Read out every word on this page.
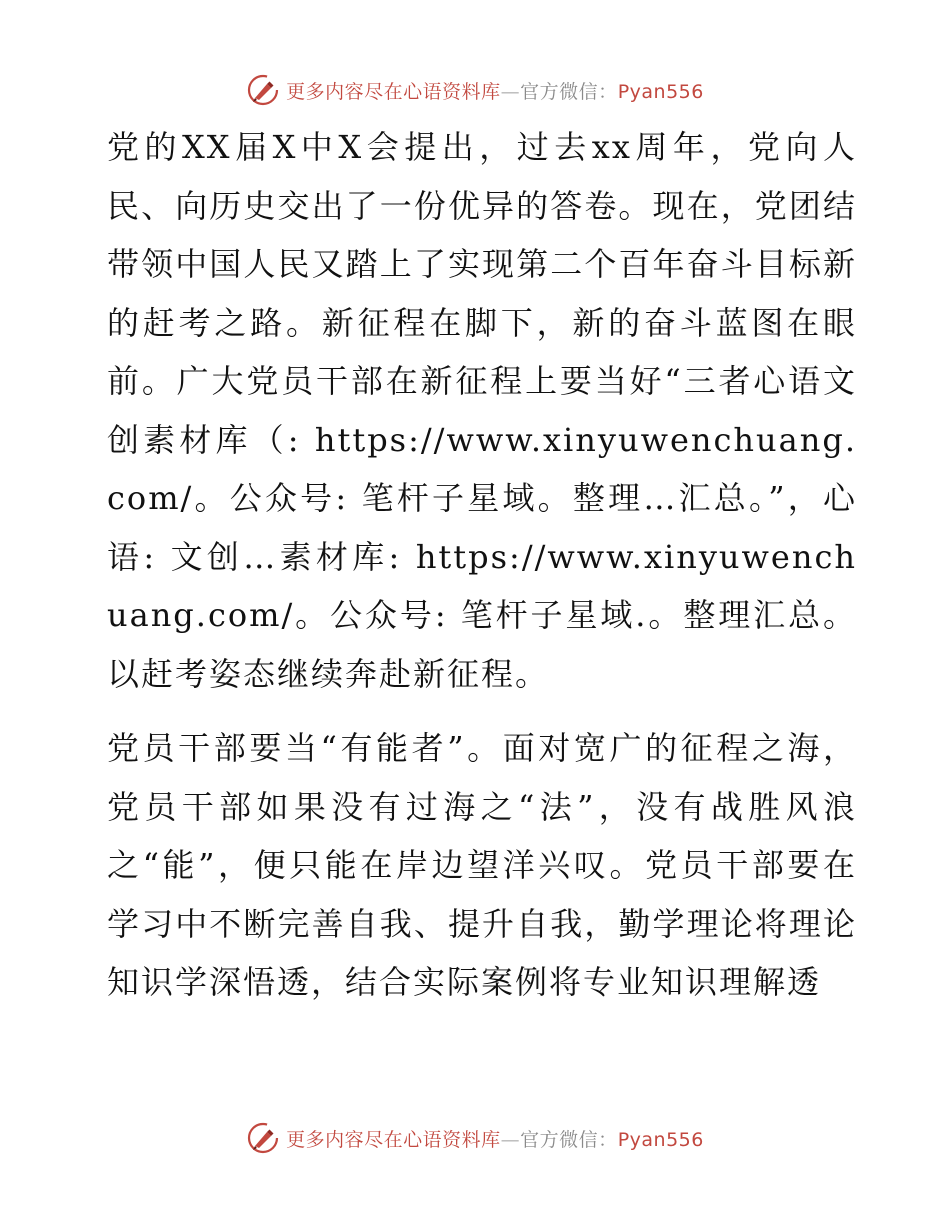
更多内容尽在心语资料库—官方微信：Pyan556

党的XX届X中X会提出，过去xx周年，党向人民、向历史交出了一份优异的答卷。现在，党团结带领中国人民又踏上了实现第二个百年奋斗目标新的赶考之路。新征程在脚下，新的奋斗蓝图在眼前。广大党员干部在新征程上要当好“三者心语文创素材库（: https://www.xinyuwenchuang.com/。公众号: 笔杆子星域。整理…汇总。”，心语: 文创…素材库: https://www.xinyuwenchuang.com/。公众号: 笔杆子星域.。整理汇总。以赶考姿态继续奔赴新征程。

党员干部要当“有能者”。面对宽广的征程之海，党员干部如果没有过海之“法”，没有战胜风浪之“能”，便只能在岸边望洋兴叹。党员干部要在学习中不断完善自我、提升自我，勤学理论将理论知识学深悟透，结合实际案例将专业知识理解透

更多内容尽在心语资料库—官方微信：Pyan556
